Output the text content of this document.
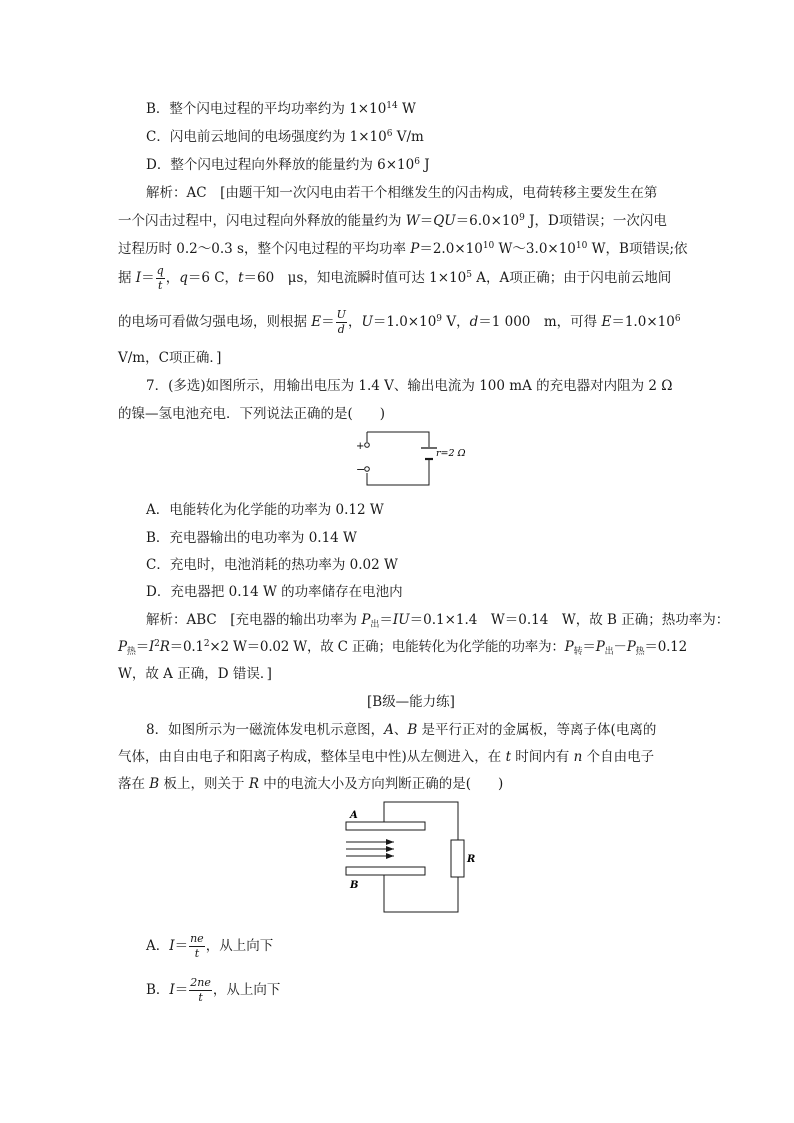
B．整个闪电过程的平均功率约为 $1\times 10^{14}$ W
C．闪电前云地间的电场强度约为 $1\times 10^6$ V/m
D．整个闪电过程向外释放的能量约为 $6\times 10^6$ J
解析：AC　[由题干知一次闪电由若干个相继发生的闪击构成，电荷转移主要发生在第
一个闪击过程中，闪电过程向外释放的能量约为 $W=QU=6.0\times 10^9$ J，D项错误；一次闪电
过程历时 0.2～0.3 s，整个闪电过程的平均功率 $P=2.0\times 10^{10}$ $W\sim 3.0\times 10^{10}$ W，B项错误;依
据 $I= \frac{q}{t}$ ，q＝6 C，t＝60　μs，知电流瞬时值可达 $1\times 10^5$ A，A项正确；由于闪电前云地间
的电场可看做匀强电场，则根据 $E= \frac{U}{d}$ ，$U=1.0\times 10^9$ V，d＝1 000　m，可得 $E=1.0\times 10^6$
V/m，C项正确．]
7．(多选)如图所示，用输出电压为 1.4 V、输出电流为 100 mA 的充电器对内阻为 2 Ω
的镍—氢电池充电．下列说法正确的是(　　)
+
−
r=2 Ω
A．电能转化为化学能的功率为 0.12 W
B．充电器输出的电功率为 0.14 W
C．充电时，电池消耗的热功率为 0.02 W
D．充电器把 0.14 W 的功率储存在电池内
解析：ABC　[充电器的输出功率为 $P_出=IU=0.1\times 1.4$　W＝0.14　W，故 B 正确；热功率为：
$P_热=I^2R=0.1^2\times 2$ W＝0.02 W，故 C 正确；电能转化为化学能的功率为：$P_转=P_出-P_热=0.12$
W，故 A 正确，D 错误．]
[B级—能力练]
8．如图所示为一磁流体发电机示意图，A、B 是平行正对的金属板，等离子体(电离的
气体，由自由电子和阳离子构成，整体呈电中性)从左侧进入，在 t 时间内有 n 个自由电子
落在 B 板上，则关于 R 中的电流大小及方向判断正确的是(　　)
A
B
R
A．$I= \frac{ne}{t}$ ，从上向下
B．$I= \frac{2ne}{t}$ ，从上向下
